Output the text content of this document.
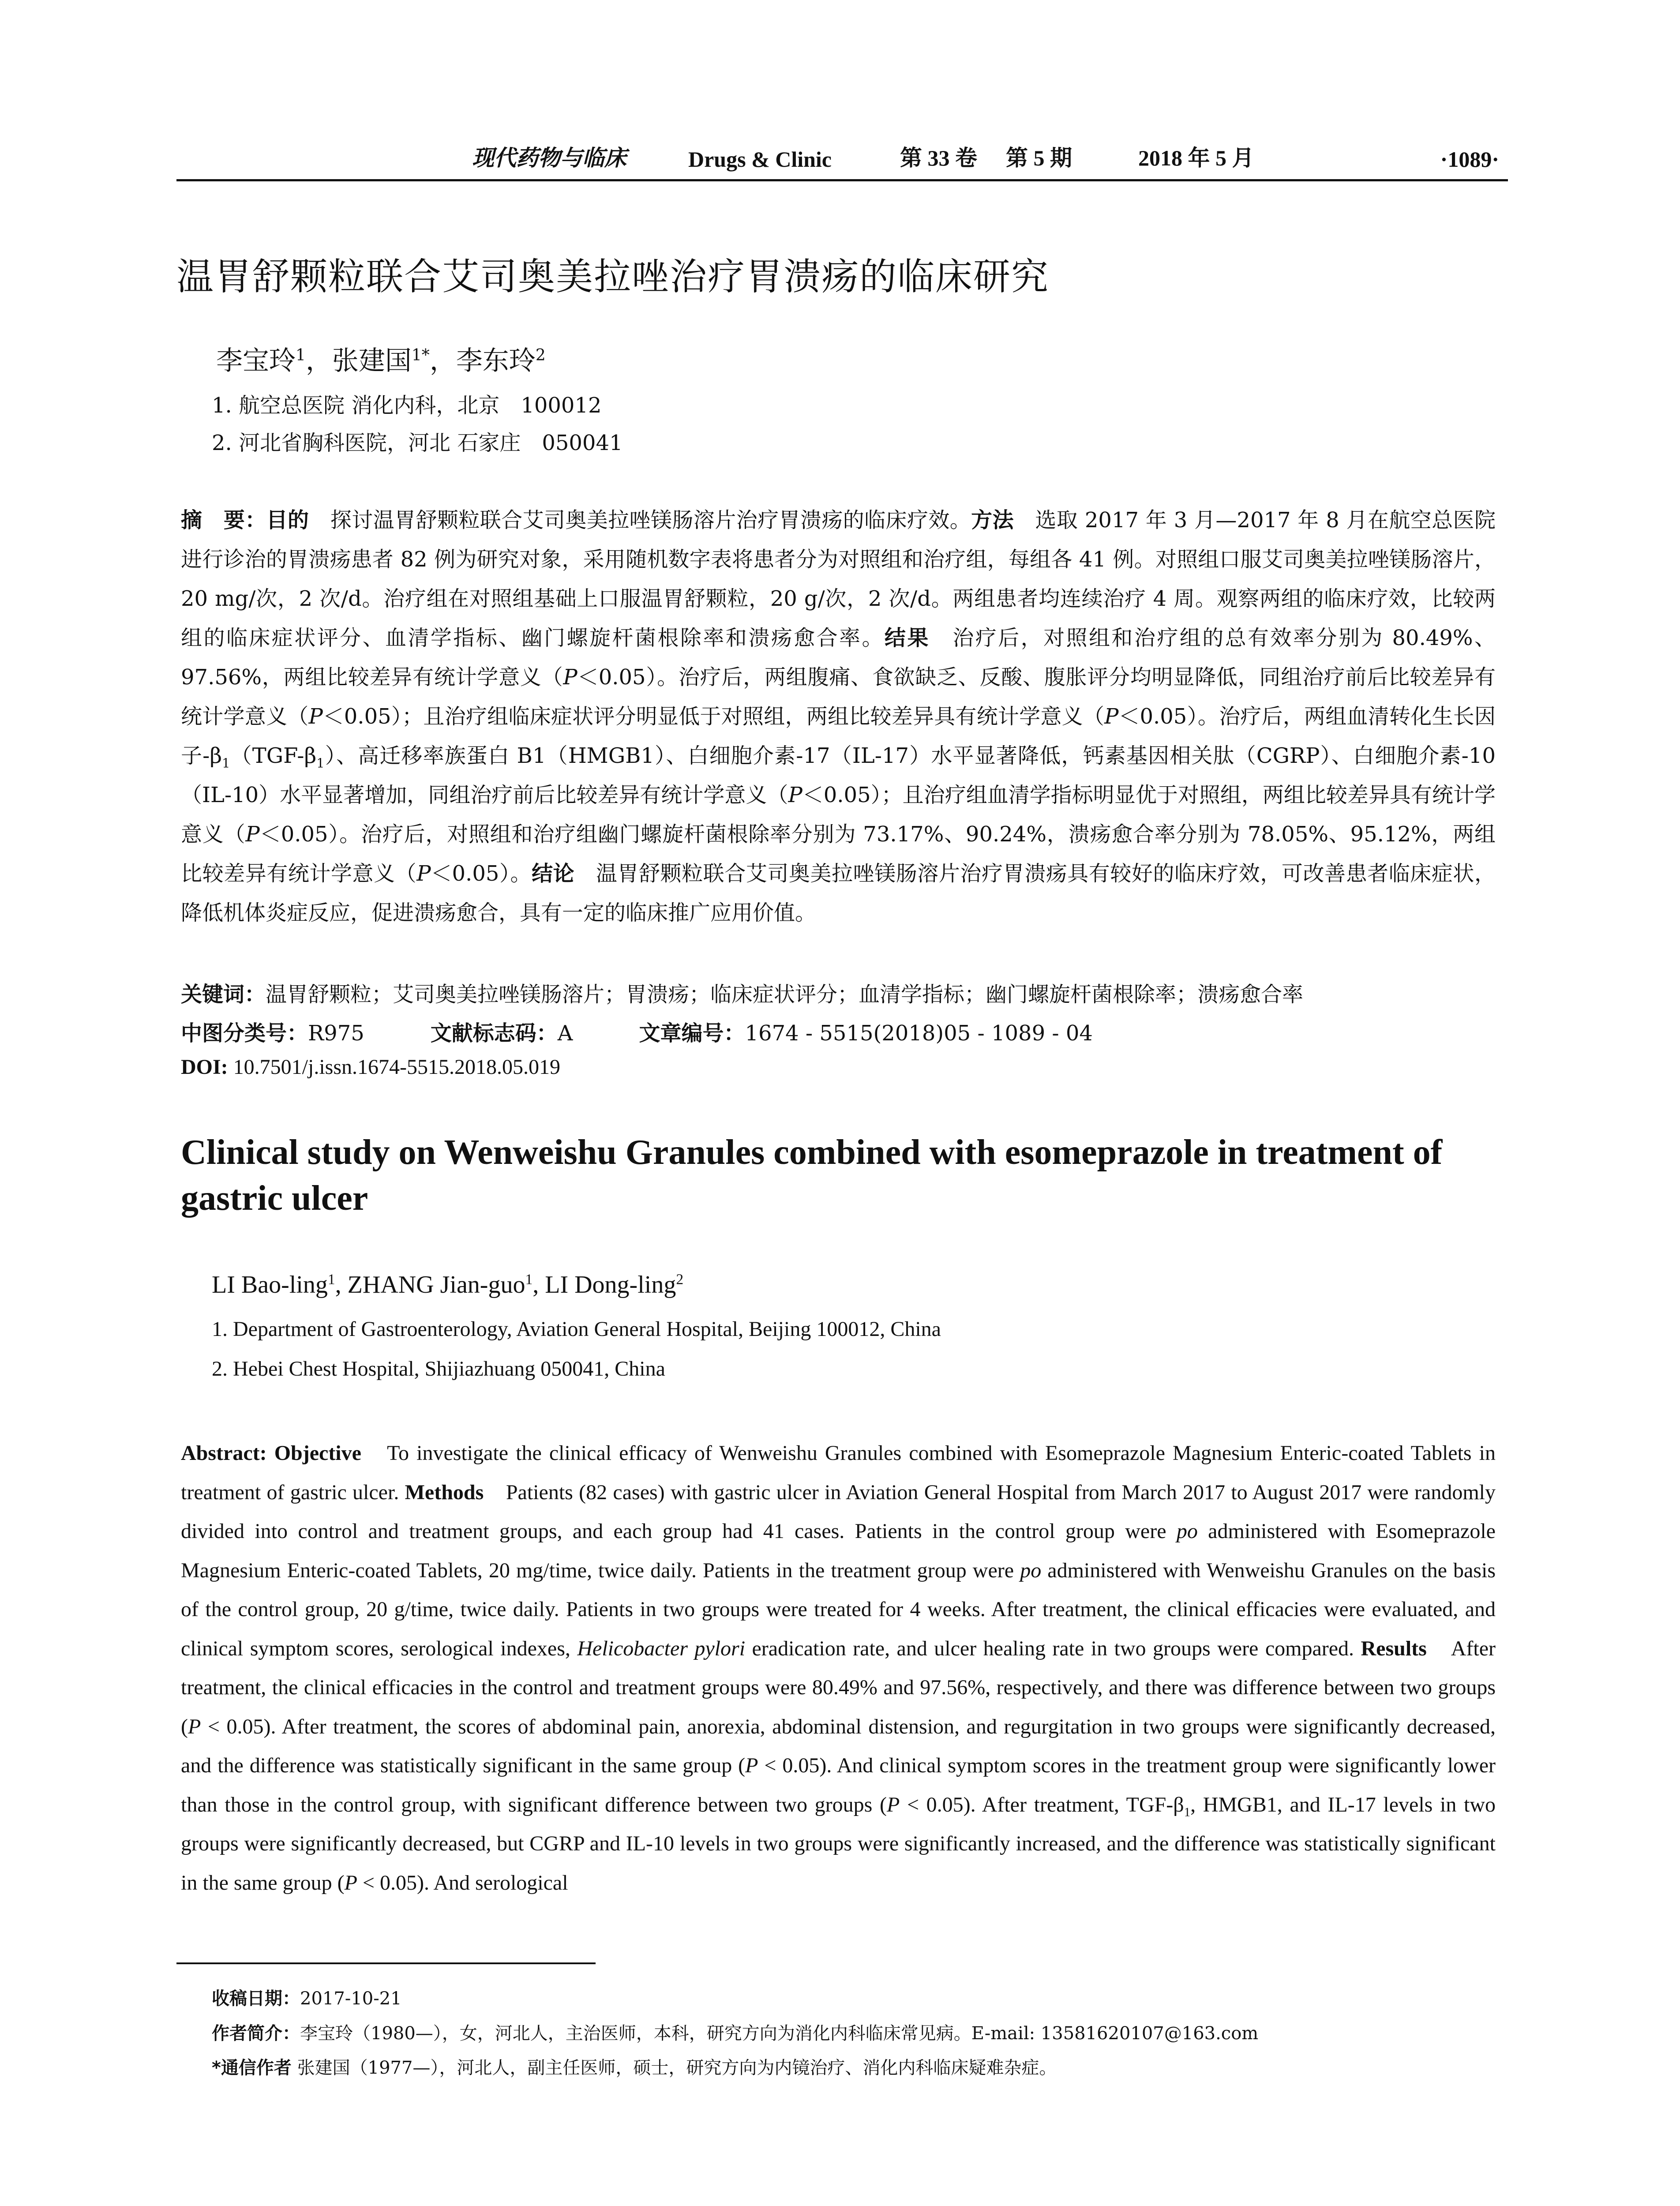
现代药物与临床	Drugs & Clinic	第 33 卷 第 5 期	2018 年 5 月	·1089·
温胃舒颗粒联合艾司奥美拉唑治疗胃溃疡的临床研究
李宝玲$^1$，张建国$^{1*}$，李东玲$^2$
1. 航空总医院 消化内科，北京　100012
2. 河北省胸科医院，河北 石家庄　050041
摘　要：目的　探讨温胃舒颗粒联合艾司奥美拉唑镁肠溶片治疗胃溃疡的临床疗效。方法　选取 2017 年 3 月—2017 年 8 月在航空总医院进行诊治的胃溃疡患者 82 例为研究对象，采用随机数字表将患者分为对照组和治疗组，每组各 41 例。对照组口服艾司奥美拉唑镁肠溶片，20 mg/次，2 次/d。治疗组在对照组基础上口服温胃舒颗粒，20 g/次，2 次/d。两组患者均连续治疗 4 周。观察两组的临床疗效，比较两组的临床症状评分、血清学指标、幽门螺旋杆菌根除率和溃疡愈合率。结果　治疗后，对照组和治疗组的总有效率分别为 80.49%、97.56%，两组比较差异有统计学意义（P＜0.05）。治疗后，两组腹痛、食欲缺乏、反酸、腹胀评分均明显降低，同组治疗前后比较差异有统计学意义（P＜0.05）；且治疗组临床症状评分明显低于对照组，两组比较差异具有统计学意义（P＜0.05）。治疗后，两组血清转化生长因子$-\beta_1(TGF-\beta_1)$、高迁移率族蛋白 B1（HMGB1）、白细胞介素-17（IL-17）水平显著降低，钙素基因相关肽（CGRP）、白细胞介素-10（IL-10）水平显著增加，同组治疗前后比较差异有统计学意义（P＜0.05）；且治疗组血清学指标明显优于对照组，两组比较差异具有统计学意义（P＜0.05）。治疗后，对照组和治疗组幽门螺旋杆菌根除率分别为 73.17%、90.24%，溃疡愈合率分别为 78.05%、95.12%，两组比较差异有统计学意义（P＜0.05）。结论　温胃舒颗粒联合艾司奥美拉唑镁肠溶片治疗胃溃疡具有较好的临床疗效，可改善患者临床症状，降低机体炎症反应，促进溃疡愈合，具有一定的临床推广应用价值。
关键词：温胃舒颗粒；艾司奥美拉唑镁肠溶片；胃溃疡；临床症状评分；血清学指标；幽门螺旋杆菌根除率；溃疡愈合率
中图分类号：R975	文献标志码：A	文章编号：1674 - 5515(2018)05 - 1089 - 04
DOI: 10.7501/j.issn.1674-5515.2018.05.019
Clinical study on Wenweishu Granules combined with esomeprazole in treatment of gastric ulcer
LI Bao-ling$^1$, ZHANG Jian-guo$^1$, LI Dong-ling$^2$
1. Department of Gastroenterology, Aviation General Hospital, Beijing 100012, China
2. Hebei Chest Hospital, Shijiazhuang 050041, China
Abstract: Objective　To investigate the clinical efficacy of Wenweishu Granules combined with Esomeprazole Magnesium Enteric-coated Tablets in treatment of gastric ulcer. Methods　Patients (82 cases) with gastric ulcer in Aviation General Hospital from March 2017 to August 2017 were randomly divided into control and treatment groups, and each group had 41 cases. Patients in the control group were po administered with Esomeprazole Magnesium Enteric-coated Tablets, 20 mg/time, twice daily. Patients in the treatment group were po administered with Wenweishu Granules on the basis of the control group, 20 g/time, twice daily. Patients in two groups were treated for 4 weeks. After treatment, the clinical efficacies were evaluated, and clinical symptom scores, serological indexes, Helicobacter pylori eradication rate, and ulcer healing rate in two groups were compared. Results　After treatment, the clinical efficacies in the control and treatment groups were 80.49% and 97.56%, respectively, and there was difference between two groups (P < 0.05). After treatment, the scores of abdominal pain, anorexia, abdominal distension, and regurgitation in two groups were significantly decreased, and the difference was statistically significant in the same group (P < 0.05). And clinical symptom scores in the treatment group were significantly lower than those in the control group, with significant difference between two groups (P < 0.05). After treatment, TGF-$\beta_1$, HMGB1, and IL-17 levels in two groups were significantly decreased, but CGRP and IL-10 levels in two groups were significantly increased, and the difference was statistically significant in the same group (P < 0.05). And serological
收稿日期：2017-10-21
作者简介：李宝玲（1980—），女，河北人，主治医师，本科，研究方向为消化内科临床常见病。E-mail: 13581620107@163.com
*通信作者 张建国（1977—），河北人，副主任医师，硕士，研究方向为内镜治疗、消化内科临床疑难杂症。
